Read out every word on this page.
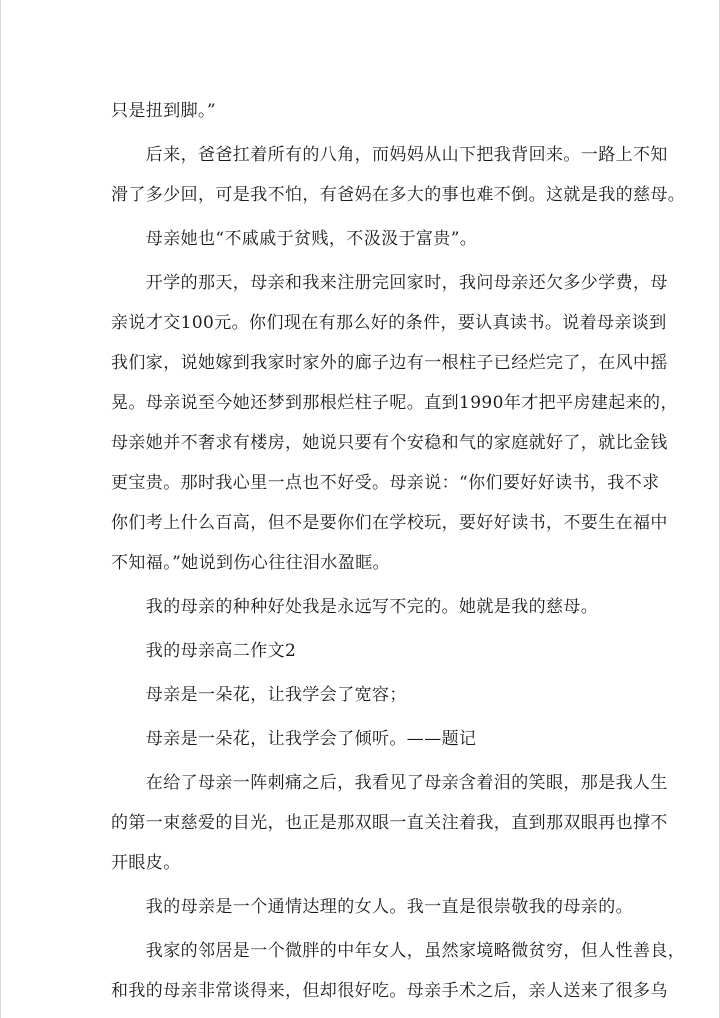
只是扭到脚。”
　　后来，爸爸扛着所有的八角，而妈妈从山下把我背回来。一路上不知
滑了多少回，可是我不怕，有爸妈在多大的事也难不倒。这就是我的慈母。
　　母亲她也“不戚戚于贫贱，不汲汲于富贵”。
　　开学的那天，母亲和我来注册完回家时，我问母亲还欠多少学费，母
亲说才交100元。你们现在有那么好的条件，要认真读书。说着母亲谈到
我们家，说她嫁到我家时家外的廊子边有一根柱子已经烂完了，在风中摇
晃。母亲说至今她还梦到那根烂柱子呢。直到1990年才把平房建起来的，
母亲她并不奢求有楼房，她说只要有个安稳和气的家庭就好了，就比金钱
更宝贵。那时我心里一点也不好受。母亲说：“你们要好好读书，我不求
你们考上什么百高，但不是要你们在学校玩，要好好读书，不要生在福中
不知福。”她说到伤心往往泪水盈眶。
　　我的母亲的种种好处我是永远写不完的。她就是我的慈母。
　　我的母亲高二作文2
　　母亲是一朵花，让我学会了宽容；
　　母亲是一朵花，让我学会了倾听。——题记
　　在给了母亲一阵刺痛之后，我看见了母亲含着泪的笑眼，那是我人生
的第一束慈爱的目光，也正是那双眼一直关注着我，直到那双眼再也撑不
开眼皮。
　　我的母亲是一个通情达理的女人。我一直是很崇敬我的母亲的。
　　我家的邻居是一个微胖的中年女人，虽然家境略微贫穷，但人性善良，
和我的母亲非常谈得来，但却很好吃。母亲手术之后，亲人送来了很多乌
